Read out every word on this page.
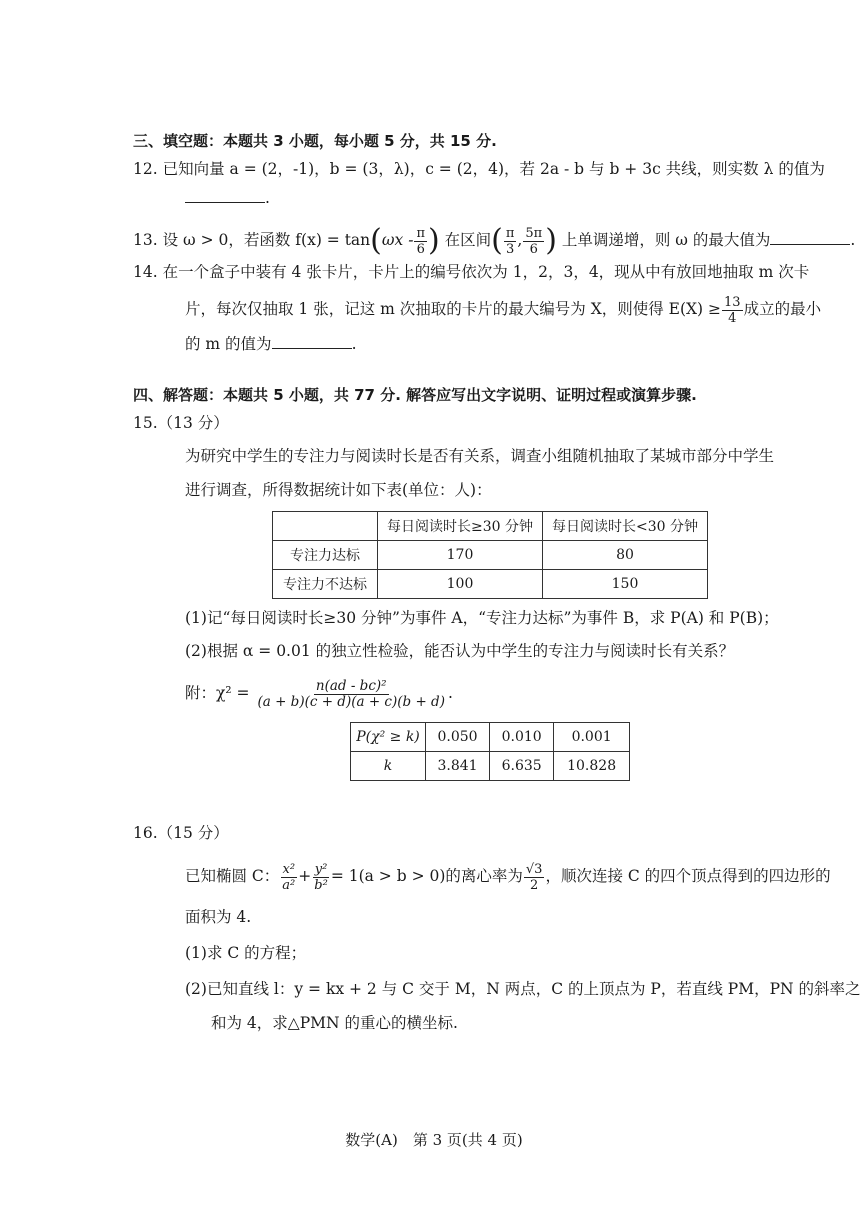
三、填空题：本题共 3 小题，每小题 5 分，共 15 分.
12. 已知向量 a = (2，-1)，b = (3，λ)，c = (2，4)，若 2a - b 与 b + 3c 共线，则实数 λ 的值为
.
13. 设 ω > 0，若函数 $f(x) = \tan(\omega x - \frac{\pi}{6}$ ) 在区间( $\frac{\pi}{3}$ , $\frac{5\pi}{6}$ ) 上单调递增，则 ω 的最大值为	.
14. 在一个盒子中装有 4 张卡片，卡片上的编号依次为 1，2，3，4，现从中有放回地抽取 m 次卡
片，每次仅抽取 1 张，记这 m 次抽取的卡片的最大编号为 X，则使得 $E(X) \ge \frac{13}{4}$ 成立的最小
的 m 的值为	.
四、解答题：本题共 5 小题，共 77 分. 解答应写出文字说明、证明过程或演算步骤.
15.（13 分）
为研究中学生的专注力与阅读时长是否有关系，调查小组随机抽取了某城市部分中学生
进行调查，所得数据统计如下表(单位：人)：
	每日阅读时长≥30 分钟	每日阅读时长<30 分钟
专注力达标	170	80
专注力不达标	100	150
(1)记“每日阅读时长≥30 分钟”为事件 A，“专注力达标”为事件 B，求 P(A) 和 P(B)；
(2)根据 α = 0.01 的独立性检验，能否认为中学生的专注力与阅读时长有关系？
附：$\chi^2 = \frac{\text{n(ad - bc)²}}{(a + b)(c + d)(a + c)(b + d)}$ .
P(χ² ≥ k)	0.050	0.010	0.001
k	3.841	6.635	10.828
16.（15 分）
已知椭圆 C： $\frac{\text{x²}}{\text{a²}} + \frac{\text{y²}}{\text{b²}} = 1(a > b > 0)$的离心率为 $\frac{√3}{2}$ ，顺次连接 C 的四个顶点得到的四边形的
面积为 4.
(1)求 C 的方程；
(2)已知直线 l：y = kx + 2 与 C 交于 M，N 两点，C 的上顶点为 P，若直线 PM，PN 的斜率之
和为 4，求△PMN 的重心的横坐标.
数学(A)　第 3 页(共 4 页)
